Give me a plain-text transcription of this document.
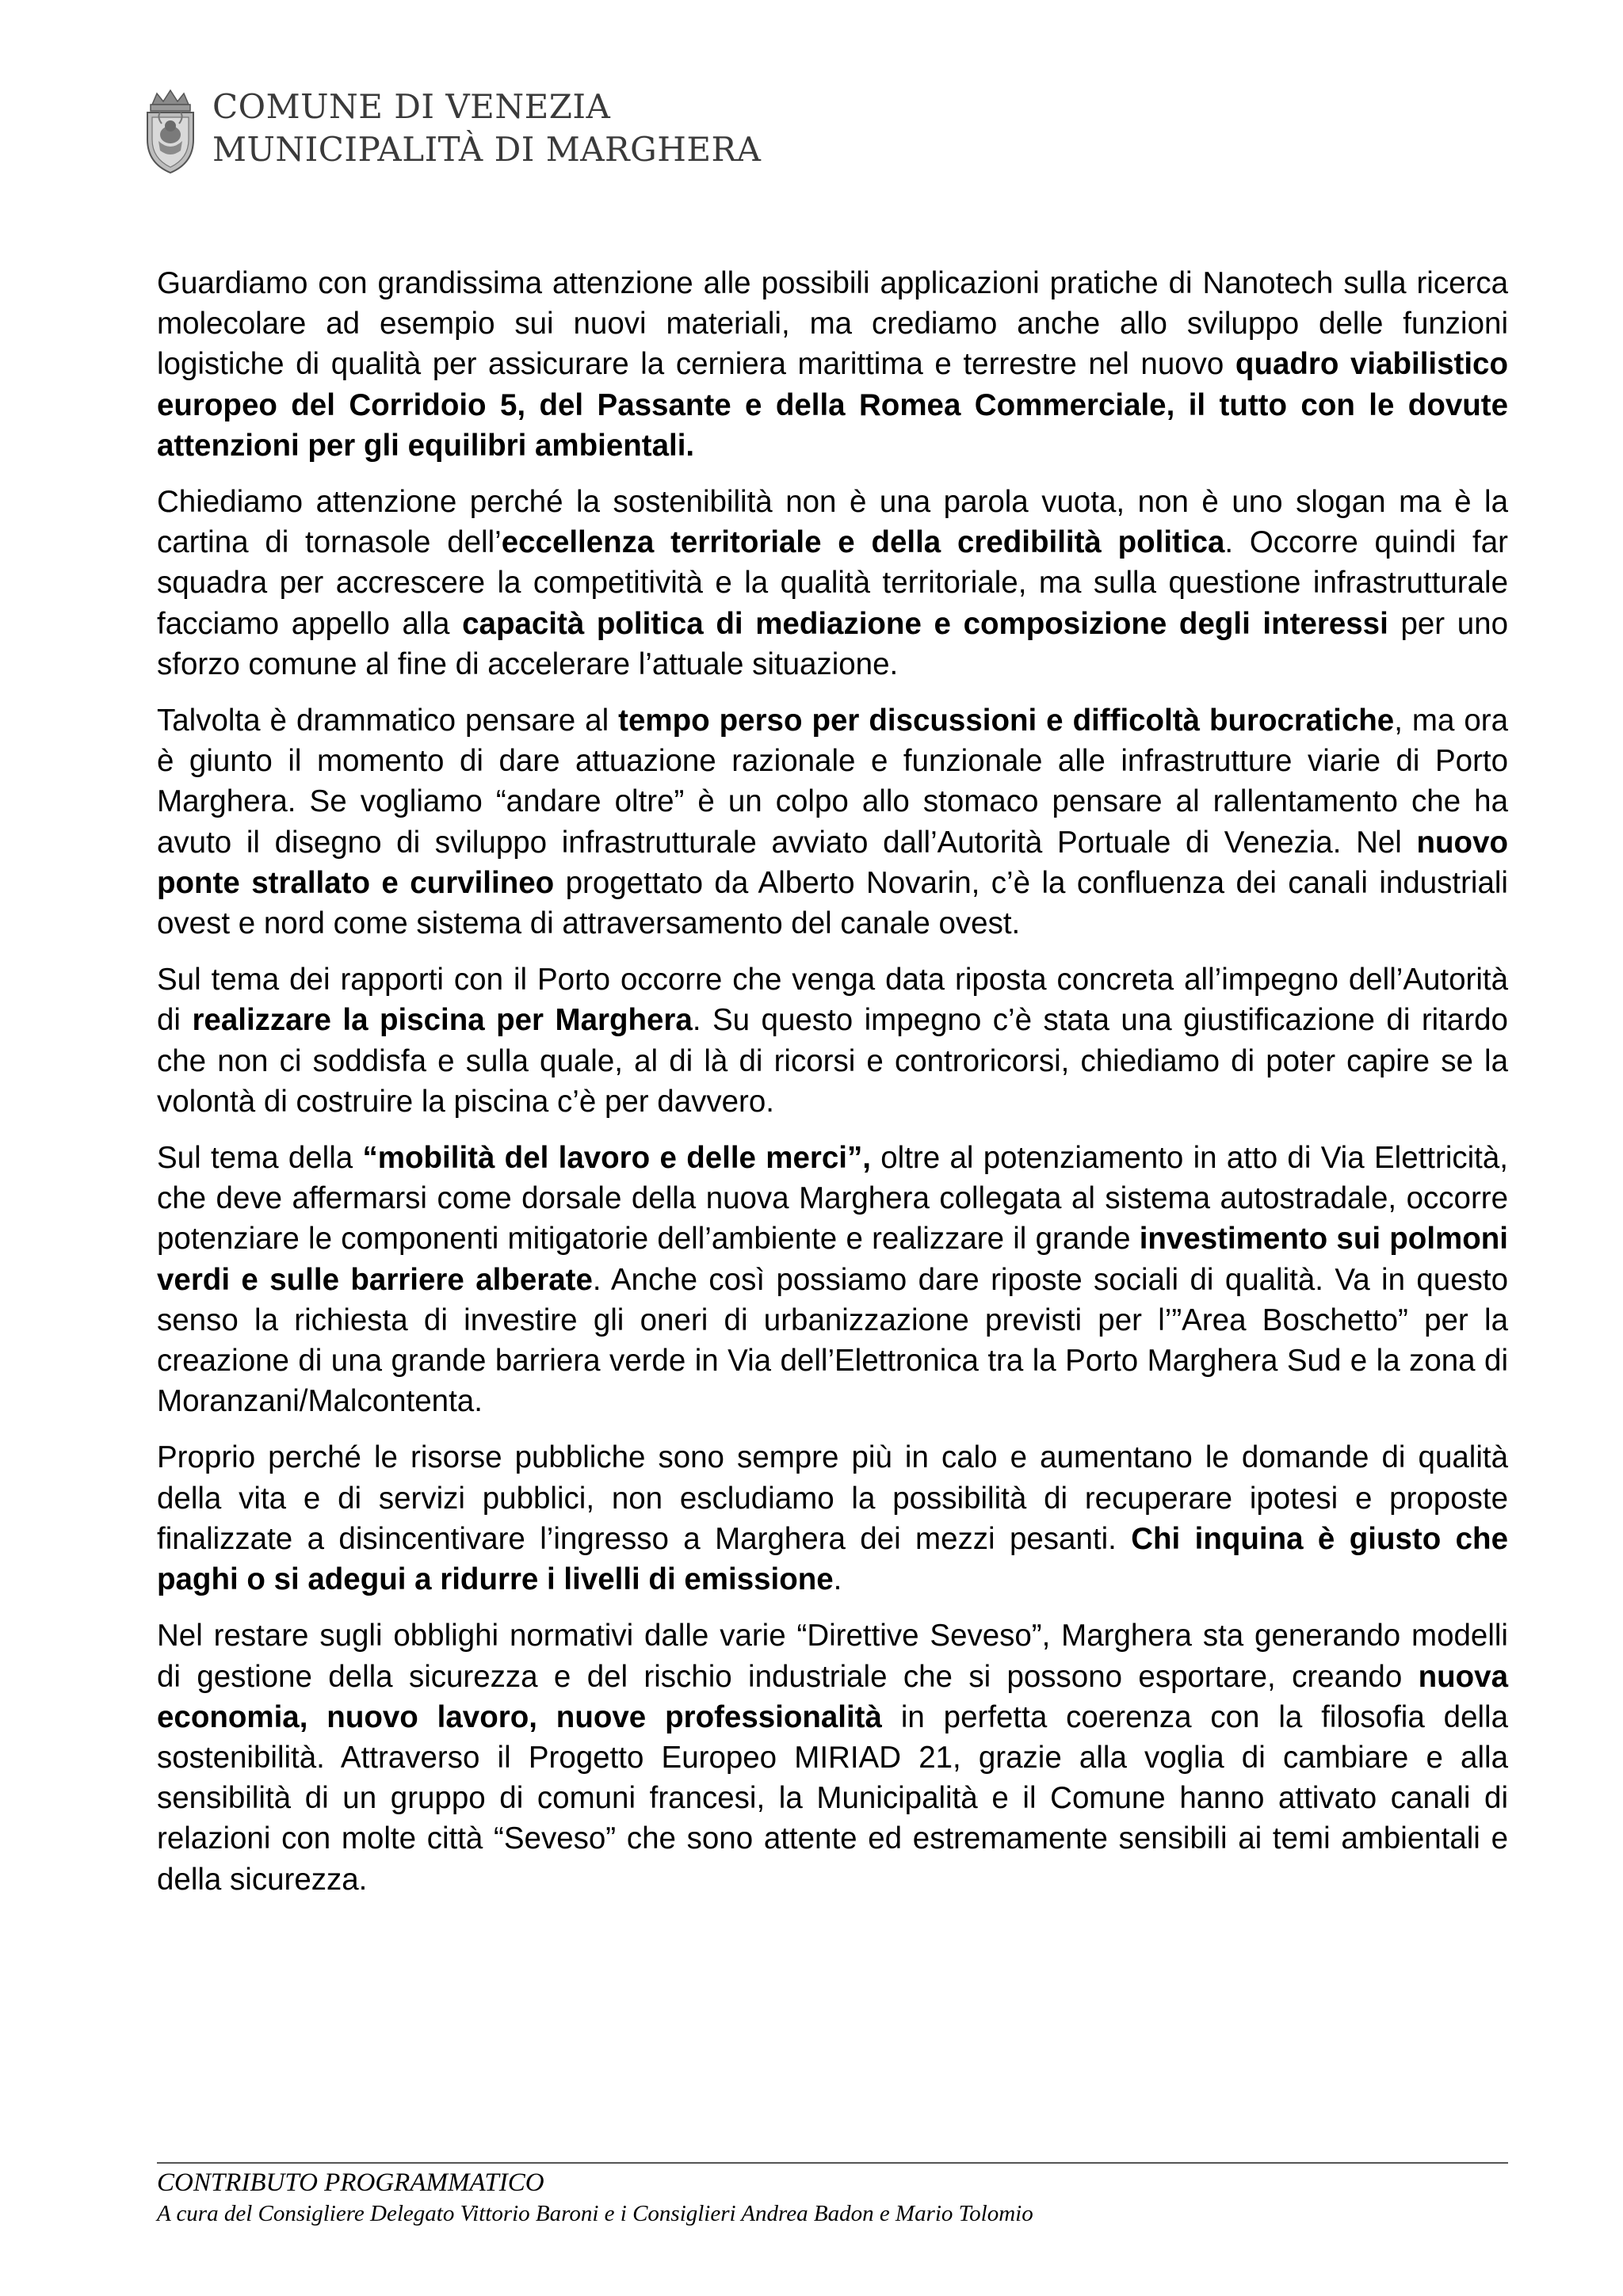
COMUNE DI VENEZIA
MUNICIPALITÀ DI MARGHERA

Guardiamo con grandissima attenzione alle possibili applicazioni pratiche di Nanotech sulla ricerca molecolare ad esempio sui nuovi materiali, ma crediamo anche allo sviluppo delle funzioni logistiche di qualità per assicurare la cerniera marittima e terrestre nel nuovo quadro viabilistico europeo del Corridoio 5, del Passante e della Romea Commerciale, il tutto con le dovute attenzioni per gli equilibri ambientali.

Chiediamo attenzione perché la sostenibilità non è una parola vuota, non è uno slogan ma è la cartina di tornasole dell’eccellenza territoriale e della credibilità politica. Occorre quindi far squadra per accrescere la competitività e la qualità territoriale, ma sulla questione infrastrutturale facciamo appello alla capacità politica di mediazione e composizione degli interessi per uno sforzo comune al fine di accelerare l’attuale situazione.

Talvolta è drammatico pensare al tempo perso per discussioni e difficoltà burocratiche, ma ora è giunto il momento di dare attuazione razionale e funzionale alle infrastrutture viarie di Porto Marghera. Se vogliamo “andare oltre” è un colpo allo stomaco pensare al rallentamento che ha avuto il disegno di sviluppo infrastrutturale avviato dall’Autorità Portuale di Venezia. Nel nuovo ponte strallato e curvilineo progettato da Alberto Novarin, c’è la confluenza dei canali industriali ovest e nord come sistema di attraversamento del canale ovest.

Sul tema dei rapporti con il Porto occorre che venga data riposta concreta all’impegno dell’Autorità di realizzare la piscina per Marghera. Su questo impegno c’è stata una giustificazione di ritardo che non ci soddisfa e sulla quale, al di là di ricorsi e controricorsi, chiediamo di poter capire se la volontà di costruire la piscina c’è per davvero.

Sul tema della “mobilità del lavoro e delle merci”, oltre al potenziamento in atto di Via Elettricità, che deve affermarsi come dorsale della nuova Marghera collegata al sistema autostradale, occorre potenziare le componenti mitigatorie dell’ambiente e realizzare il grande investimento sui polmoni verdi e sulle barriere alberate. Anche così possiamo dare riposte sociali di qualità. Va in questo senso la richiesta di investire gli oneri di urbanizzazione previsti per l’”Area Boschetto” per la creazione di una grande barriera verde in Via dell’Elettronica tra la Porto Marghera Sud e la zona di Moranzani/Malcontenta.

Proprio perché le risorse pubbliche sono sempre più in calo e aumentano le domande di qualità della vita e di servizi pubblici, non escludiamo la possibilità di recuperare ipotesi e proposte finalizzate a disincentivare l’ingresso a Marghera dei mezzi pesanti. Chi inquina è giusto che paghi o si adegui a ridurre i livelli di emissione.

Nel restare sugli obblighi normativi dalle varie “Direttive Seveso”, Marghera sta generando modelli di gestione della sicurezza e del rischio industriale che si possono esportare, creando nuova economia, nuovo lavoro, nuove professionalità in perfetta coerenza con la filosofia della sostenibilità. Attraverso il Progetto Europeo MIRIAD 21, grazie alla voglia di cambiare e alla sensibilità di un gruppo di comuni francesi, la Municipalità e il Comune hanno attivato canali di relazioni con molte città “Seveso” che sono attente ed estremamente sensibili ai temi ambientali e della sicurezza.

CONTRIBUTO PROGRAMMATICO
A cura del Consigliere Delegato Vittorio Baroni e i Consiglieri Andrea Badon e Mario Tolomio
